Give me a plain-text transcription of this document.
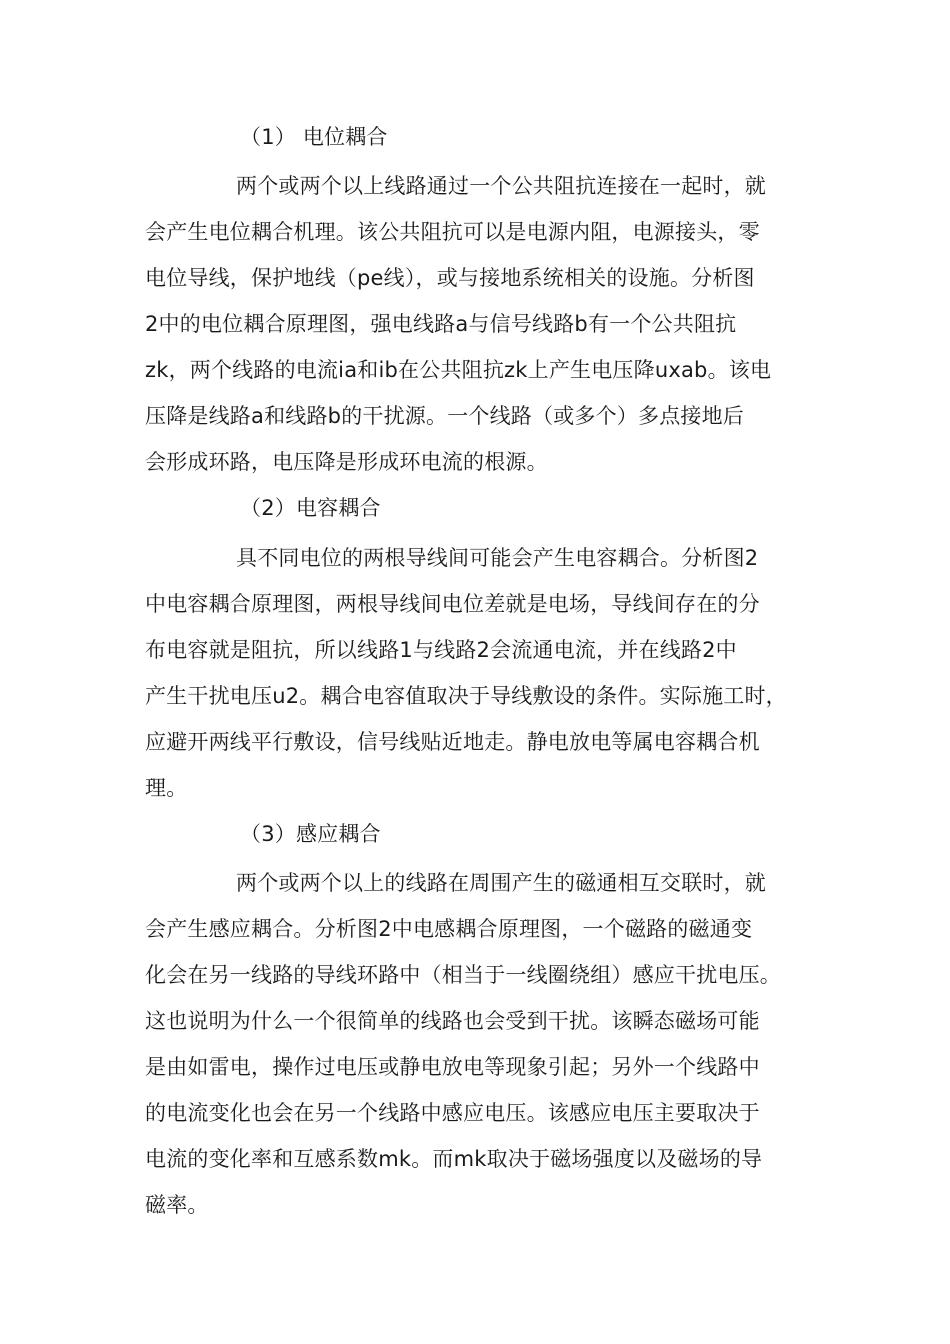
（1） 电位耦合
两个或两个以上线路通过一个公共阻抗连接在一起时，就
会产生电位耦合机理。该公共阻抗可以是电源内阻，电源接头，零
电位导线，保护地线（pe线），或与接地系统相关的设施。分析图
2中的电位耦合原理图，强电线路a与信号线路b有一个公共阻抗
zk，两个线路的电流ia和ib在公共阻抗zk上产生电压降uxab。该电
压降是线路a和线路b的干扰源。一个线路（或多个）多点接地后
会形成环路，电压降是形成环电流的根源。
（2）电容耦合
具不同电位的两根导线间可能会产生电容耦合。分析图2
中电容耦合原理图，两根导线间电位差就是电场，导线间存在的分
布电容就是阻抗，所以线路1与线路2会流通电流，并在线路2中
产生干扰电压u2。耦合电容值取决于导线敷设的条件。实际施工时，
应避开两线平行敷设，信号线贴近地走。静电放电等属电容耦合机
理。
（3）感应耦合
两个或两个以上的线路在周围产生的磁通相互交联时，就
会产生感应耦合。分析图2中电感耦合原理图，一个磁路的磁通变
化会在另一线路的导线环路中（相当于一线圈绕组）感应干扰电压。
这也说明为什么一个很简单的线路也会受到干扰。该瞬态磁场可能
是由如雷电，操作过电压或静电放电等现象引起；另外一个线路中
的电流变化也会在另一个线路中感应电压。该感应电压主要取决于
电流的变化率和互感系数mk。而mk取决于磁场强度以及磁场的导
磁率。
